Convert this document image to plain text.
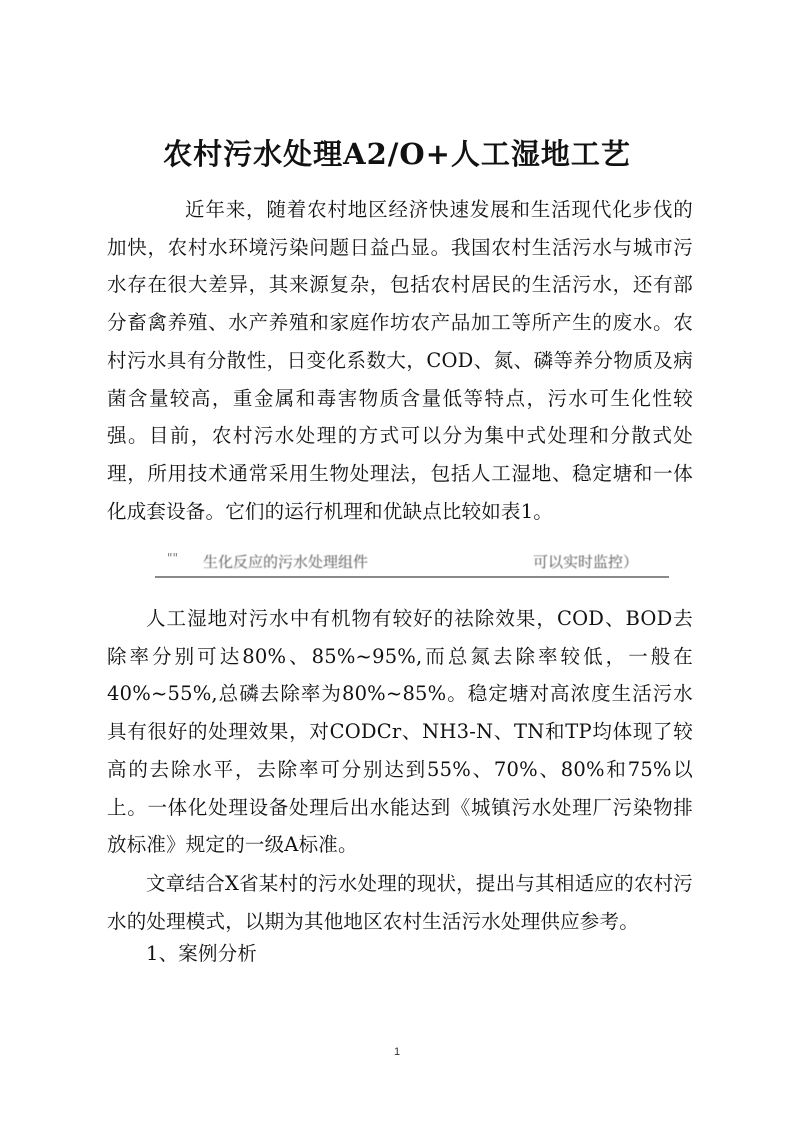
农村污水处理A2/O+人工湿地工艺

近年来，随着农村地区经济快速发展和生活现代化步伐的加快，农村水环境污染问题日益凸显。我国农村生活污水与城市污水存在很大差异，其来源复杂，包括农村居民的生活污水，还有部分畜禽养殖、水产养殖和家庭作坊农产品加工等所产生的废水。农村污水具有分散性，日变化系数大，COD、氮、磷等养分物质及病菌含量较高，重金属和毒害物质含量低等特点，污水可生化性较强。目前，农村污水处理的方式可以分为集中式处理和分散式处理，所用技术通常采用生物处理法，包括人工湿地、稳定塘和一体化成套设备。它们的运行机理和优缺点比较如表1。

"" 生化反应的污水处理组件	可以实时监控）

人工湿地对污水中有机物有较好的祛除效果，COD、BOD去除率分别可达80%、85%~95%,而总氮去除率较低，一般在40%~55%,总磷去除率为80%~85%。稳定塘对高浓度生活污水具有很好的处理效果，对CODCr、NH3-N、TN和TP均体现了较高的去除水平，去除率可分别达到55%、70%、80%和75%以上。一体化处理设备处理后出水能达到《城镇污水处理厂污染物排放标准》规定的一级A标准。

文章结合X省某村的污水处理的现状，提出与其相适应的农村污水的处理模式，以期为其他地区农村生活污水处理供应参考。

1、案例分析

1
